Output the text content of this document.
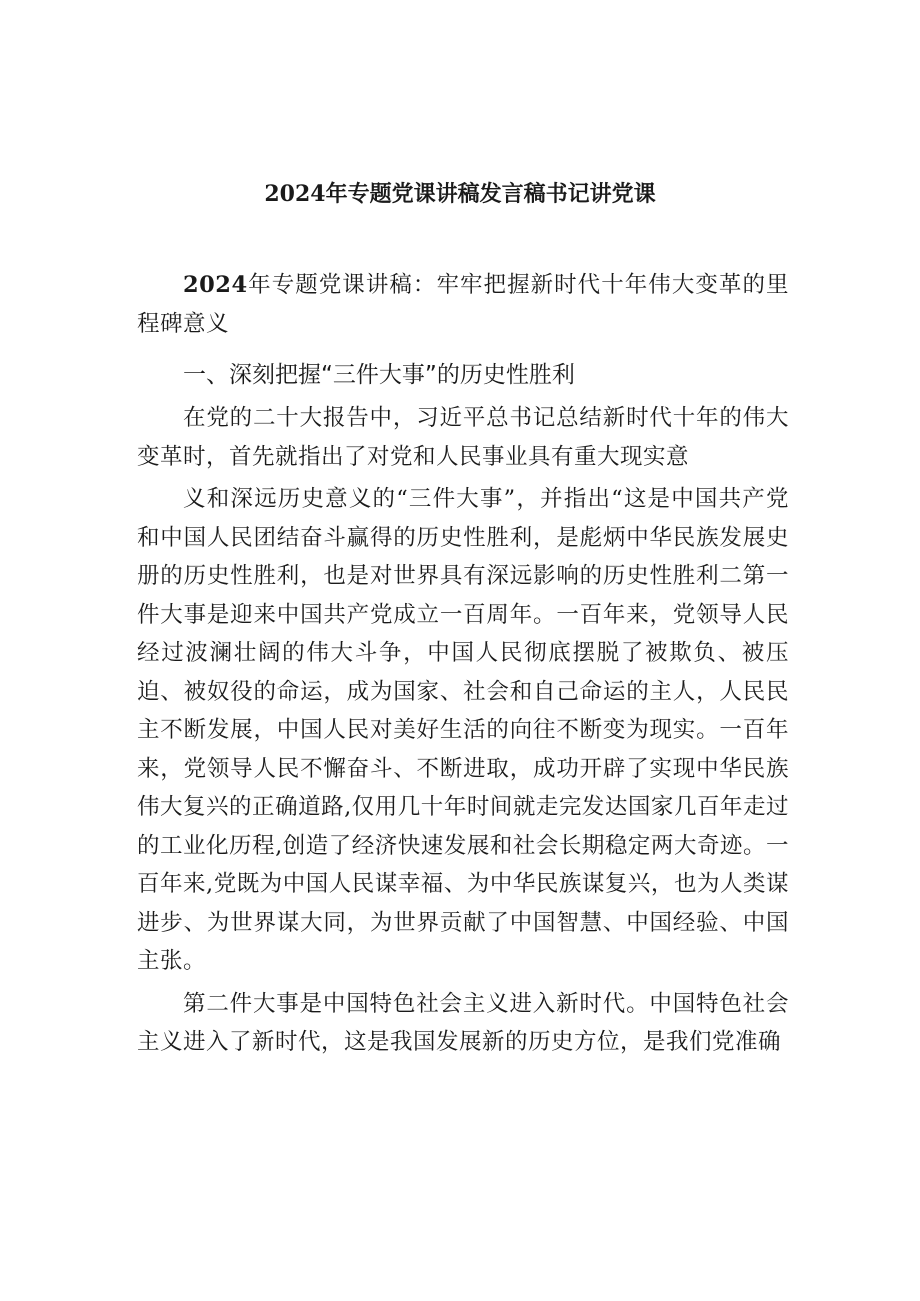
2024年专题党课讲稿发言稿书记讲党课

2024年专题党课讲稿：牢牢把握新时代十年伟大变革的里程碑意义

一、深刻把握“三件大事”的历史性胜利

在党的二十大报告中，习近平总书记总结新时代十年的伟大变革时，首先就指出了对党和人民事业具有重大现实意

义和深远历史意义的“三件大事”，并指出“这是中国共产党和中国人民团结奋斗赢得的历史性胜利，是彪炳中华民族发展史册的历史性胜利，也是对世界具有深远影响的历史性胜利二第一件大事是迎来中国共产党成立一百周年。一百年来，党领导人民经过波澜壮阔的伟大斗争，中国人民彻底摆脱了被欺负、被压迫、被奴役的命运，成为国家、社会和自己命运的主人，人民民主不断发展，中国人民对美好生活的向往不断变为现实。一百年来，党领导人民不懈奋斗、不断进取，成功开辟了实现中华民族伟大复兴的正确道路,仅用几十年时间就走完发达国家几百年走过的工业化历程,创造了经济快速发展和社会长期稳定两大奇迹。一百年来,党既为中国人民谋幸福、为中华民族谋复兴，也为人类谋进步、为世界谋大同，为世界贡献了中国智慧、中国经验、中国主张。

第二件大事是中国特色社会主义进入新时代。中国特色社会主义进入了新时代，这是我国发展新的历史方位，是我们党准确
